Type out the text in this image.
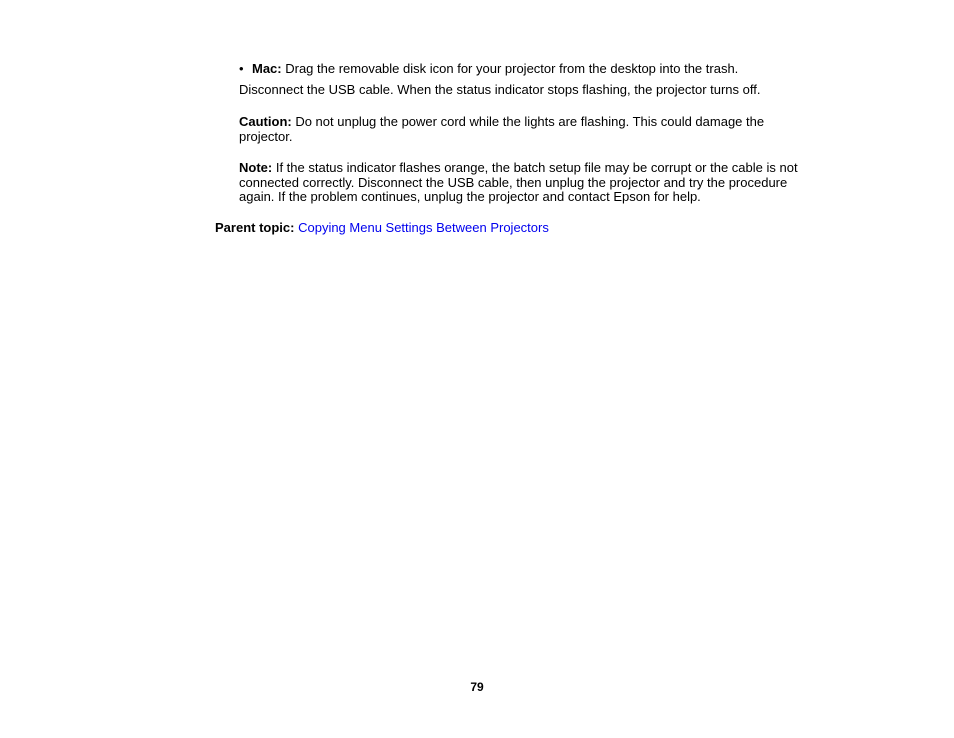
• Mac: Drag the removable disk icon for your projector from the desktop into the trash.

Disconnect the USB cable. When the status indicator stops flashing, the projector turns off.

Caution: Do not unplug the power cord while the lights are flashing. This could damage the projector.

Note: If the status indicator flashes orange, the batch setup file may be corrupt or the cable is not connected correctly. Disconnect the USB cable, then unplug the projector and try the procedure again. If the problem continues, unplug the projector and contact Epson for help.

Parent topic: Copying Menu Settings Between Projectors

79
